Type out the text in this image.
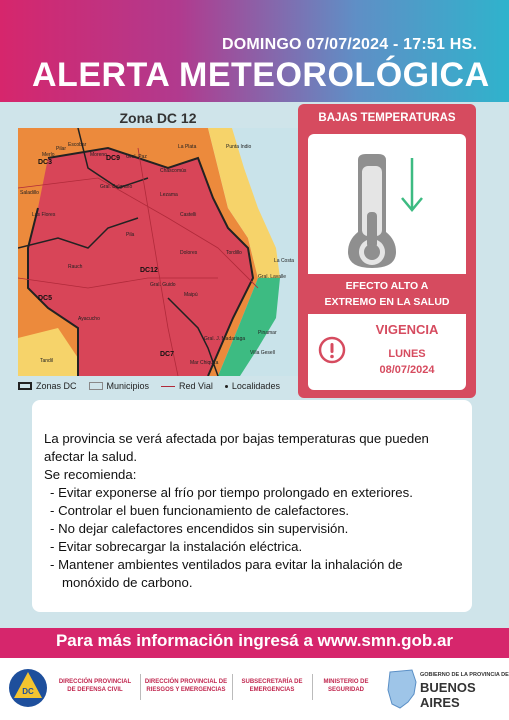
DOMINGO 07/07/2024 - 17:51 HS.
ALERTA METEOROLÓGICA
Zona DC 12
DC3
DC9
DC5
DC12
DC7
Pilar
Moreno
Escobar
Merlo	Gral. Paz
La Plata	Punta Indio
Chascomús
Gral. Belgrano
Saladillo
Las Flores
Lezama
Castelli
Pila
Dolores	Tordillo
Rauch
Gral. Guido
Gral. Lavalle
La Costa
Maipú
Ayacucho
Pinamar
Gral. J. Madariaga
Villa Gesell
Tandil	Mar Chiquita
Zonas DC	Municipios	Red Vial Localidades
BAJAS TEMPERATURAS
EFECTO ALTO A
EXTREMO EN LA SALUD
VIGENCIA
LUNES
08/07/2024

La provincia se verá afectada por bajas temperaturas que pueden afectar la salud.

Se recomienda:

- Evitar exponerse al frío por tiempo prolongado en exteriores.
- Controlar el buen funcionamiento de calefactores.
- No dejar calefactores encendidos sin supervisión.
- Evitar sobrecargar la instalación eléctrica.
- Mantener ambientes ventilados para evitar la inhalación de monóxido de carbono.
Para más información ingresá a www.smn.gob.ar
DC
DIRECCIÓN PROVINCIAL DE DEFENSA CIVIL
DIRECCIÓN PROVINCIAL DE RIESGOS Y EMERGENCIAS
SUBSECRETARÍA DE EMERGENCIAS
MINISTERIO DE SEGURIDAD
GOBIERNO DE LA PROVINCIA DE
BUENOS AIRES
